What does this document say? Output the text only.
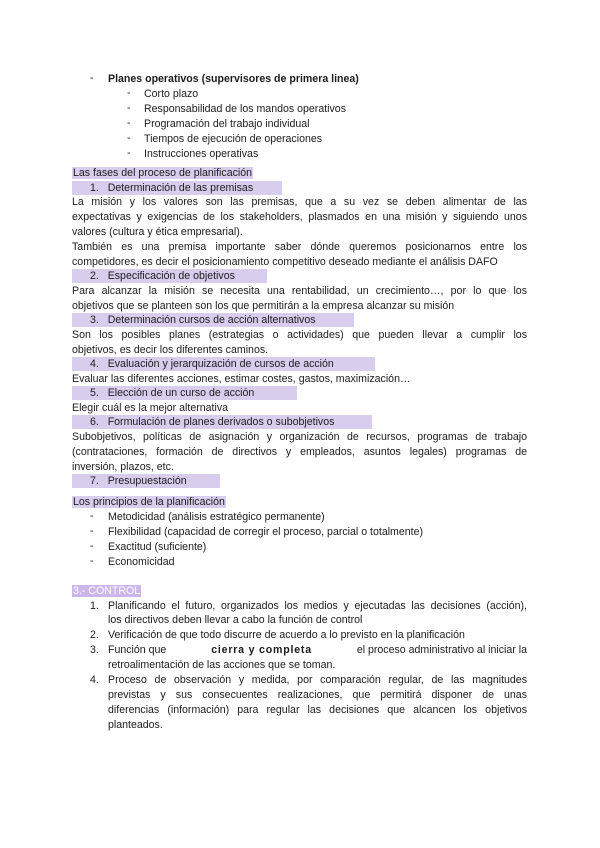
- Planes operativos (supervisores de primera linea)
- Corto plazo
- Responsabilidad de los mandos operativos
- Programación del trabajo individual
- Tiempos de ejecución de operaciones
- Instrucciones operativas
Las fases del proceso de planificación
1. Determinación de las premisas
La misión y los valores son las premisas, que a su vez se deben alimentar de las
expectativas y exigencias de los stakeholders, plasmados en una misión y siguiendo unos
valores (cultura y ética empresarial).
También es una premisa importante saber dónde queremos posicionarnos entre los
competidores, es decir el posicionamiento competitivo deseado mediante el análisis DAFO
2. Especificación de objetivos
Para alcanzar la misión se necesita una rentabilidad, un crecimiento…, por lo que los
objetivos que se planteen son los que permitirán a la empresa alcanzar su misión
3. Determinación cursos de acción alternativos
Son los posibles planes (estrategias o actividades) que pueden llevar a cumplir los
objetivos, es decir los diferentes caminos.
4. Evaluación y jerarquización de cursos de acción
Evaluar las diferentes acciones, estimar costes, gastos, maximización…
5. Elección de un curso de acción
Elegir cuál es la mejor alternativa
6. Formulación de planes derivados o subobjetivos
Subobjetivos, políticas de asignación y organización de recursos, programas de trabajo
(contrataciones, formación de directivos y empleados, asuntos legales) programas de
inversión, plazos, etc.
7. Presupuestación
Los principios de la planificación
- Metodicidad (análisis estratégico permanente)
- Flexibilidad (capacidad de corregir el proceso, parcial o totalmente)
- Exactitud (suficiente)
- Economicidad
3.- CONTROL
1. Planificando el futuro, organizados los medios y ejecutadas las decisiones (acción),
los directivos deben llevar a cabo la función de control
2. Verificación de que todo discurre de acuerdo a lo previsto en la planificación
3. Función que	cierra y completa	el proceso administrativo al iniciar la
retroalimentación de las acciones que se toman.
4. Proceso de observación y medida, por comparación regular, de las magnitudes
previstas y sus consecuentes realizaciones, que permitirá disponer de unas
diferencias (información) para regular las decisiones que alcancen los objetivos
planteados.
